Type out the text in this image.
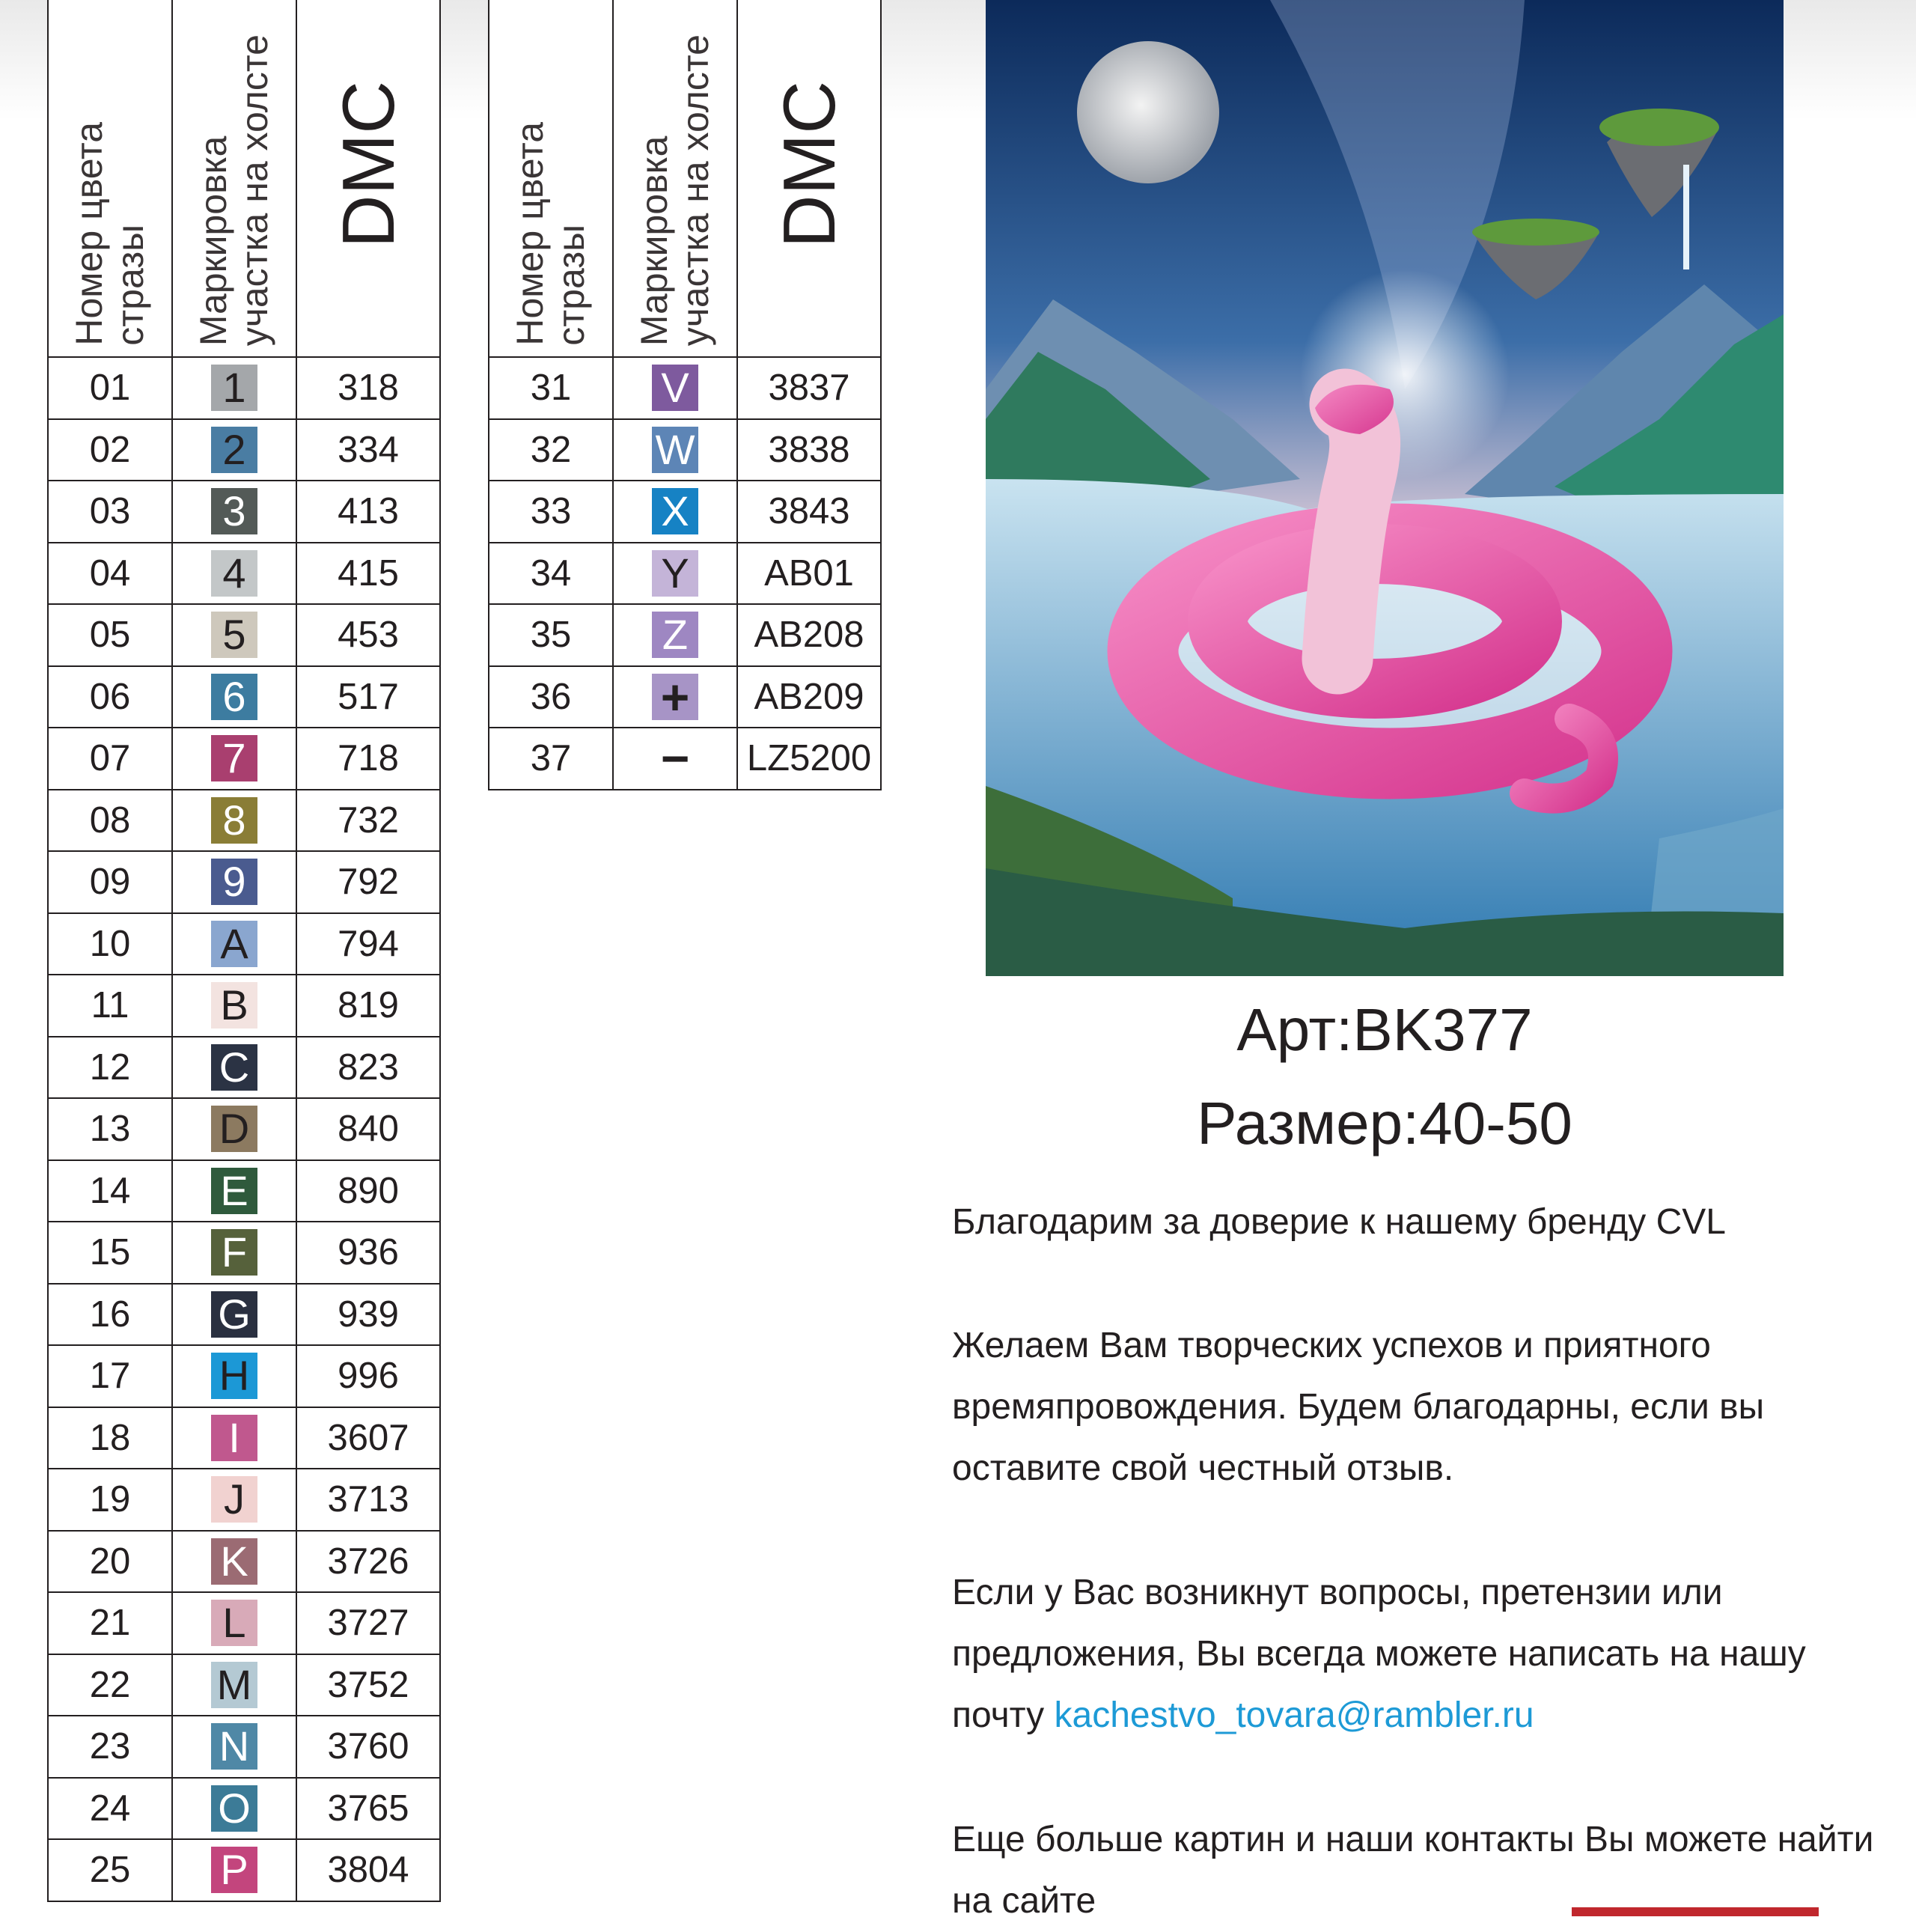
Номер цвета
стразы	Маркировка
участка на холсте	DMC

01	1	318
02	2	334
03	3	413
04	4	415
05	5	453
06	6	517
07	7	718
08	8	732
09	9	792
10	A	794
11	B	819
12	C	823
13	D	840
14	E	890
15	F	936
16	G	939
17	H	996
18	I	3607
19	J	3713
20	K	3726
21	L	3727
22	M	3752
23	N	3760
24	O	3765
25	P	3804
Номер цвета
стразы	Маркировка
участка на холсте	DMC

31	V	3837
32	W	3838
33	X	3843
34	Y	AB01
35	Z	AB208
36	+	AB209
37	−	LZ5200
Арт:BK377
Размер:40-50

Благодарим за доверие к нашему бренду CVL

Желаем Вам творческих успехов и приятного времяпровождения. Будем благодарны, если вы оставите свой честный отзыв.

Если у Вас возникнут вопросы, претензии или предложения, Вы всегда можете написать на нашу почту kachestvo_tovara@rambler.ru

Еще больше картин и наши контакты Вы можете найти на сайте
